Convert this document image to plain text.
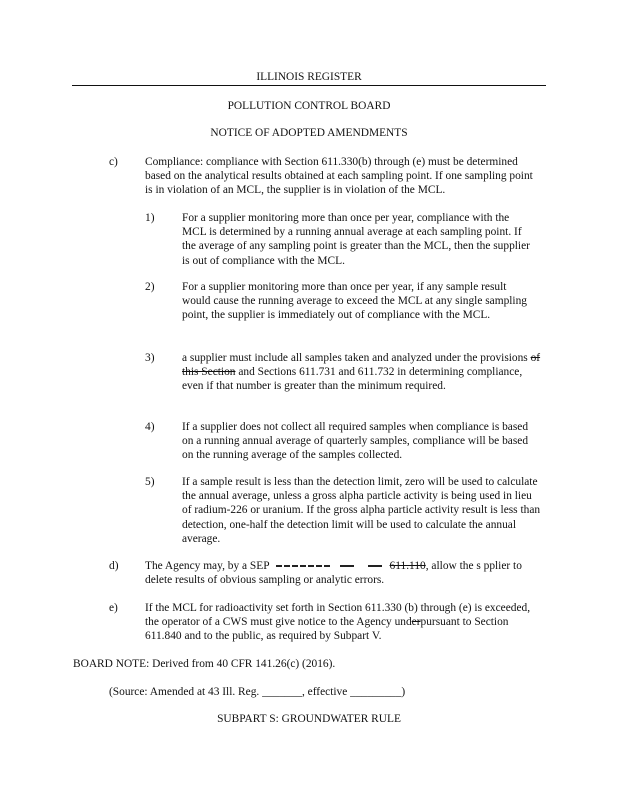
ILLINOIS REGISTER
POLLUTION CONTROL BOARD
NOTICE OF ADOPTED AMENDMENTS
c) Compliance: compliance with Section 611.330(b) through (e) must be determined based on the analytical results obtained at each sampling point. If one sampling point is in violation of an MCL, the supplier is in violation of the MCL.
1) For a supplier monitoring more than once per year, compliance with the MCL is determined by a running annual average at each sampling point. If the average of any sampling point is greater than the MCL, then the supplier is out of compliance with the MCL.
2) For a supplier monitoring more than once per year, if any sample result would cause the running average to exceed the MCL at any single sampling point, the supplier is immediately out of compliance with the MCL.
3) a supplier must include all samples taken and analyzed under the provisions of this Section and Sections 611.731 and 611.732 in determining compliance, even if that number is greater than the minimum required.
4) If a supplier does not collect all required samples when compliance is based on a running annual average of quarterly samples, compliance will be based on the running average of the samples collected.
5) If a sample result is less than the detection limit, zero will be used to calculate the annual average, unless a gross alpha particle activity is being used in lieu of radium-226 or uranium. If the gross alpha particle activity result is less than detection, one-half the detection limit will be used to calculate the annual average.
d) The Agency may, by a SEP	611.110, allow the s pplier to delete results of obvious sampling or analytic errors.
e) If the MCL for radioactivity set forth in Section 611.330 (b) through (e) is exceeded, the operator of a CWS must give notice to the Agency underpursuant to Section 611.840 and to the public, as required by Subpart V.
BOARD NOTE: Derived from 40 CFR 141.26(c) (2016).
(Source: Amended at 43 Ill. Reg. _______, effective _________)
SUBPART S: GROUNDWATER RULE
